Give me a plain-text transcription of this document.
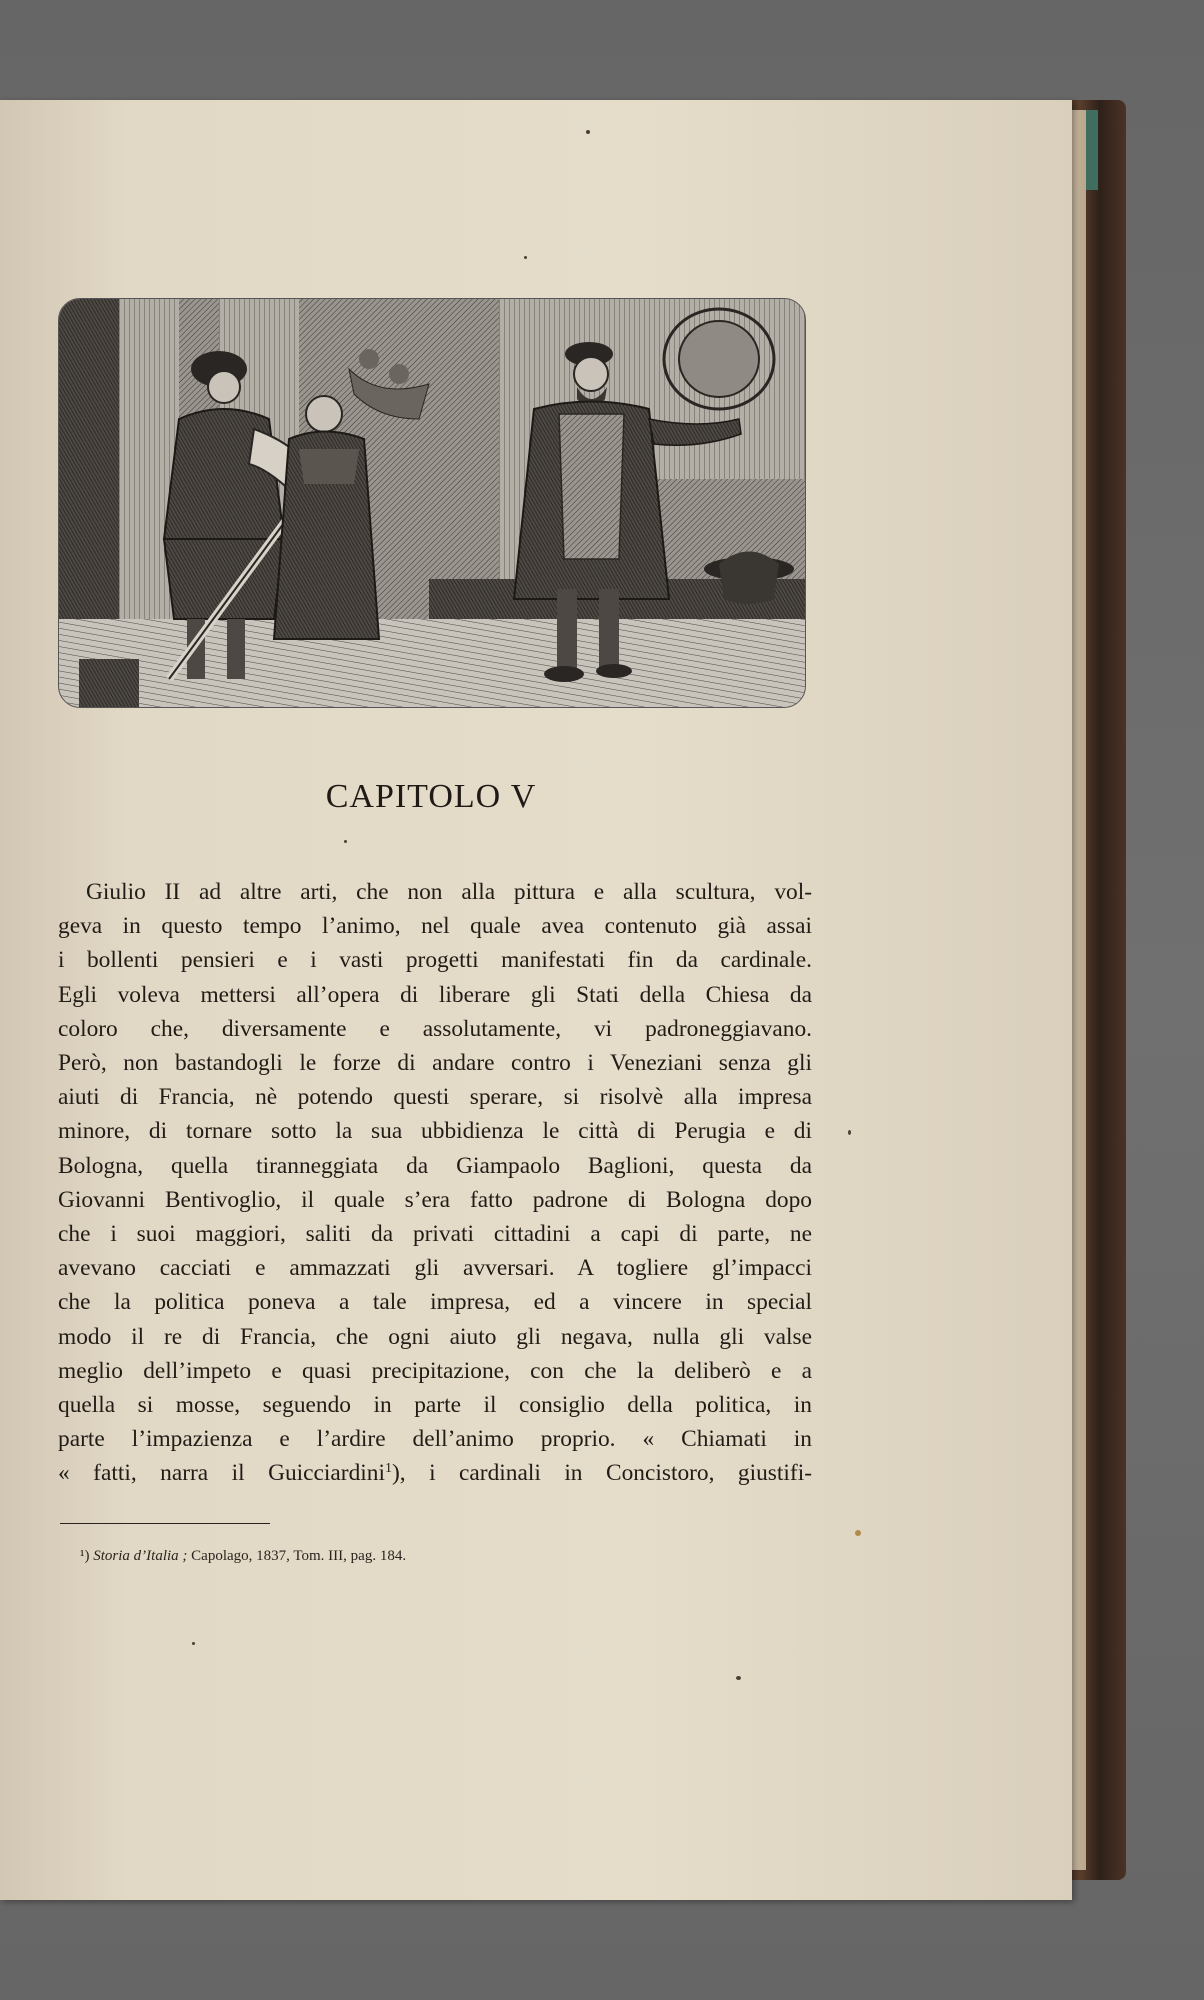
CAPITOLO V
Giulio II ad altre arti, che non alla pittura e alla scultura, vol-
geva in questo tempo l’animo, nel quale avea contenuto già assai
i bollenti pensieri e i vasti progetti manifestati fin da cardinale.
Egli voleva mettersi all’opera di liberare gli Stati della Chiesa da
coloro che, diversamente e assolutamente, vi padroneggiavano.
Però, non bastandogli le forze di andare contro i Veneziani senza gli
aiuti di Francia, nè potendo questi sperare, si risolvè alla impresa
minore, di tornare sotto la sua ubbidienza le città di Perugia e di
Bologna, quella tiranneggiata da Giampaolo Baglioni, questa da
Giovanni Bentivoglio, il quale s’era fatto padrone di Bologna dopo
che i suoi maggiori, saliti da privati cittadini a capi di parte, ne
avevano cacciati e ammazzati gli avversari. A togliere gl’impacci
che la politica poneva a tale impresa, ed a vincere in special
modo il re di Francia, che ogni aiuto gli negava, nulla gli valse
meglio dell’impeto e quasi precipitazione, con che la deliberò e a
quella si mosse, seguendo in parte il consiglio della politica, in
parte l’impazienza e l’ardire dell’animo proprio. « Chiamati in
« fatti, narra il Guicciardini$^1$), i cardinali in Concistoro, giustifi-
¹) Storia d’Italia ; Capolago, 1837, Tom. III, pag. 184.
